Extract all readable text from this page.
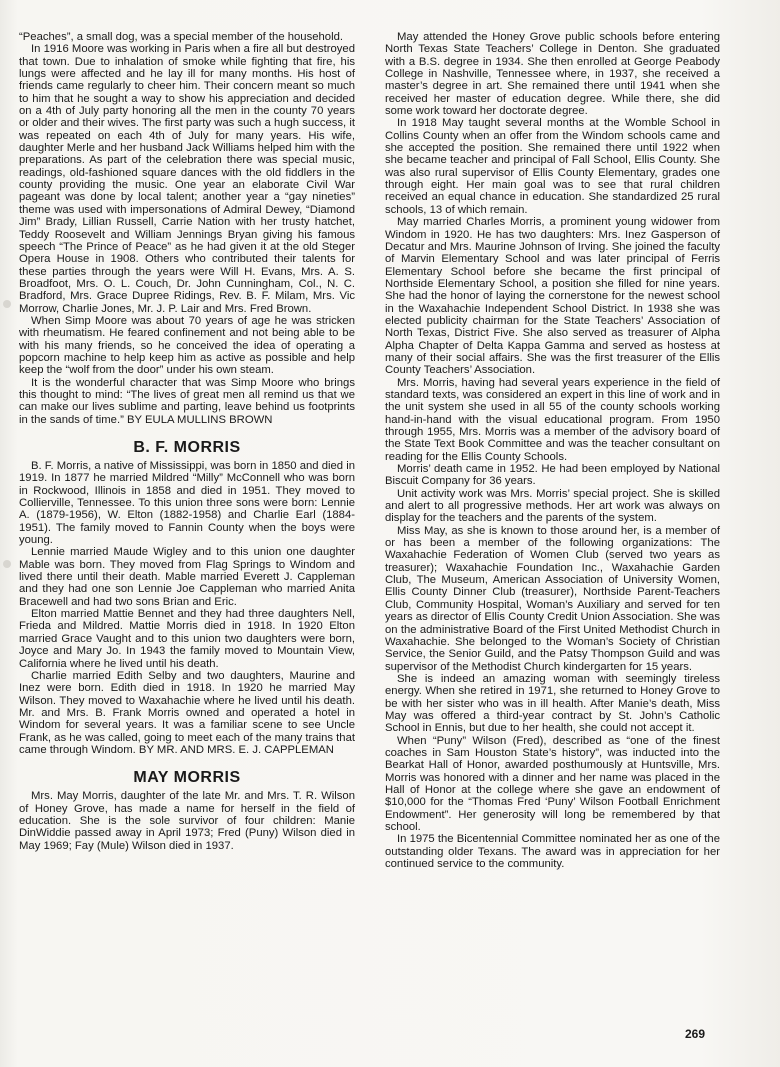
“Peaches”, a small dog, was a special member of the household.

In 1916 Moore was working in Paris when a fire all but destroyed that town. Due to inhalation of smoke while fighting that fire, his lungs were affected and he lay ill for many months. His host of friends came regularly to cheer him. Their concern meant so much to him that he sought a way to show his appreciation and decided on a 4th of July party honoring all the men in the county 70 years or older and their wives. The first party was such a hugh success, it was repeated on each 4th of July for many years. His wife, daughter Merle and her husband Jack Williams helped him with the preparations. As part of the celebration there was special music, readings, old-fashioned square dances with the old fiddlers in the county providing the music. One year an elaborate Civil War pageant was done by local talent; another year a “gay nineties” theme was used with impersonations of Admiral Dewey, “Diamond Jim” Brady, Lillian Russell, Carrie Nation with her trusty hatchet, Teddy Roosevelt and William Jennings Bryan giving his famous speech “The Prince of Peace” as he had given it at the old Steger Opera House in 1908. Others who contributed their talents for these parties through the years were Will H. Evans, Mrs. A. S. Broadfoot, Mrs. O. L. Couch, Dr. John Cunningham, Col., N. C. Bradford, Mrs. Grace Dupree Ridings, Rev. B. F. Milam, Mrs. Vic Morrow, Charlie Jones, Mr. J. P. Lair and Mrs. Fred Brown.

When Simp Moore was about 70 years of age he was stricken with rheumatism. He feared confinement and not being able to be with his many friends, so he conceived the idea of operating a popcorn machine to help keep him as active as possible and help keep the “wolf from the door” under his own steam.

It is the wonderful character that was Simp Moore who brings this thought to mind: “The lives of great men all remind us that we can make our lives sublime and parting, leave behind us footprints in the sands of time.” BY EULA MULLINS BROWN

B. F. MORRIS

B. F. Morris, a native of Mississippi, was born in 1850 and died in 1919. In 1877 he married Mildred “Milly” McConnell who was born in Rockwood, Illinois in 1858 and died in 1951. They moved to Collierville, Tennessee. To this union three sons were born: Lennie A. (1879-1956), W. Elton (1882-1958) and Charlie Earl (1884-1951). The family moved to Fannin County when the boys were young.

Lennie married Maude Wigley and to this union one daughter Mable was born. They moved from Flag Springs to Windom and lived there until their death. Mable married Everett J. Cappleman and they had one son Lennie Joe Cappleman who married Anita Bracewell and had two sons Brian and Eric.

Elton married Mattie Bennet and they had three daughters Nell, Frieda and Mildred. Mattie Morris died in 1918. In 1920 Elton married Grace Vaught and to this union two daughters were born, Joyce and Mary Jo. In 1943 the family moved to Mountain View, California where he lived until his death.

Charlie married Edith Selby and two daughters, Maurine and Inez were born. Edith died in 1918. In 1920 he married May Wilson. They moved to Waxahachie where he lived until his death. Mr. and Mrs. B. Frank Morris owned and operated a hotel in Windom for several years. It was a familiar scene to see Uncle Frank, as he was called, going to meet each of the many trains that came through Windom. BY MR. AND MRS. E. J. CAPPLEMAN

MAY MORRIS

Mrs. May Morris, daughter of the late Mr. and Mrs. T. R. Wilson of Honey Grove, has made a name for herself in the field of education. She is the sole survivor of four children: Manie DinWiddie passed away in April 1973; Fred (Puny) Wilson died in May 1969; Fay (Mule) Wilson died in 1937.

May attended the Honey Grove public schools before entering North Texas State Teachers’ College in Denton. She graduated with a B.S. degree in 1934. She then enrolled at George Peabody College in Nashville, Tennessee where, in 1937, she received a master’s degree in art. She remained there until 1941 when she received her master of education degree. While there, she did some work toward her doctorate degree.

In 1918 May taught several months at the Womble School in Collins County when an offer from the Windom schools came and she accepted the position. She remained there until 1922 when she became teacher and principal of Fall School, Ellis County. She was also rural supervisor of Ellis County Elementary, grades one through eight. Her main goal was to see that rural children received an equal chance in education. She standardized 25 rural schools, 13 of which remain.

May married Charles Morris, a prominent young widower from Windom in 1920. He has two daughters: Mrs. Inez Gasperson of Decatur and Mrs. Maurine Johnson of Irving. She joined the faculty of Marvin Elementary School and was later principal of Ferris Elementary School before she became the first principal of Northside Elementary School, a position she filled for nine years. She had the honor of laying the cornerstone for the newest school in the Waxahachie Independent School District. In 1938 she was elected publicity chairman for the State Teachers’ Association of North Texas, District Five. She also served as treasurer of Alpha Alpha Chapter of Delta Kappa Gamma and served as hostess at many of their social affairs. She was the first treasurer of the Ellis County Teachers’ Association.

Mrs. Morris, having had several years experience in the field of standard texts, was considered an expert in this line of work and in the unit system she used in all 55 of the county schools working hand-in-hand with the visual educational program. From 1950 through 1955, Mrs. Morris was a member of the advisory board of the State Text Book Committee and was the teacher consultant on reading for the Ellis County Schools.

Morris’ death came in 1952. He had been employed by National Biscuit Company for 36 years.

Unit activity work was Mrs. Morris’ special project. She is skilled and alert to all progressive methods. Her art work was always on display for the teachers and the parents of the system.

Miss May, as she is known to those around her, is a member of or has been a member of the following organizations: The Waxahachie Federation of Women Club (served two years as treasurer); Waxahachie Foundation Inc., Waxahachie Garden Club, The Museum, American Association of University Women, Ellis County Dinner Club (treasurer), Northside Parent-Teachers Club, Community Hospital, Woman’s Auxiliary and served for ten years as director of Ellis County Credit Union Association. She was on the administrative Board of the First United Methodist Church in Waxahachie. She belonged to the Woman’s Society of Christian Service, the Senior Guild, and the Patsy Thompson Guild and was supervisor of the Methodist Church kindergarten for 15 years.

She is indeed an amazing woman with seemingly tireless energy. When she retired in 1971, she returned to Honey Grove to be with her sister who was in ill health. After Manie’s death, Miss May was offered a third-year contract by St. John’s Catholic School in Ennis, but due to her health, she could not accept it.

When “Puny” Wilson (Fred), described as “one of the finest coaches in Sam Houston State’s history”, was inducted into the Bearkat Hall of Honor, awarded posthumously at Huntsville, Mrs. Morris was honored with a dinner and her name was placed in the Hall of Honor at the college where she gave an endowment of $10,000 for the “Thomas Fred ‘Puny’ Wilson Football Enrichment Endowment”. Her generosity will long be remembered by that school.

In 1975 the Bicentennial Committee nominated her as one of the outstanding older Texans. The award was in appreciation for her continued service to the community.

269
